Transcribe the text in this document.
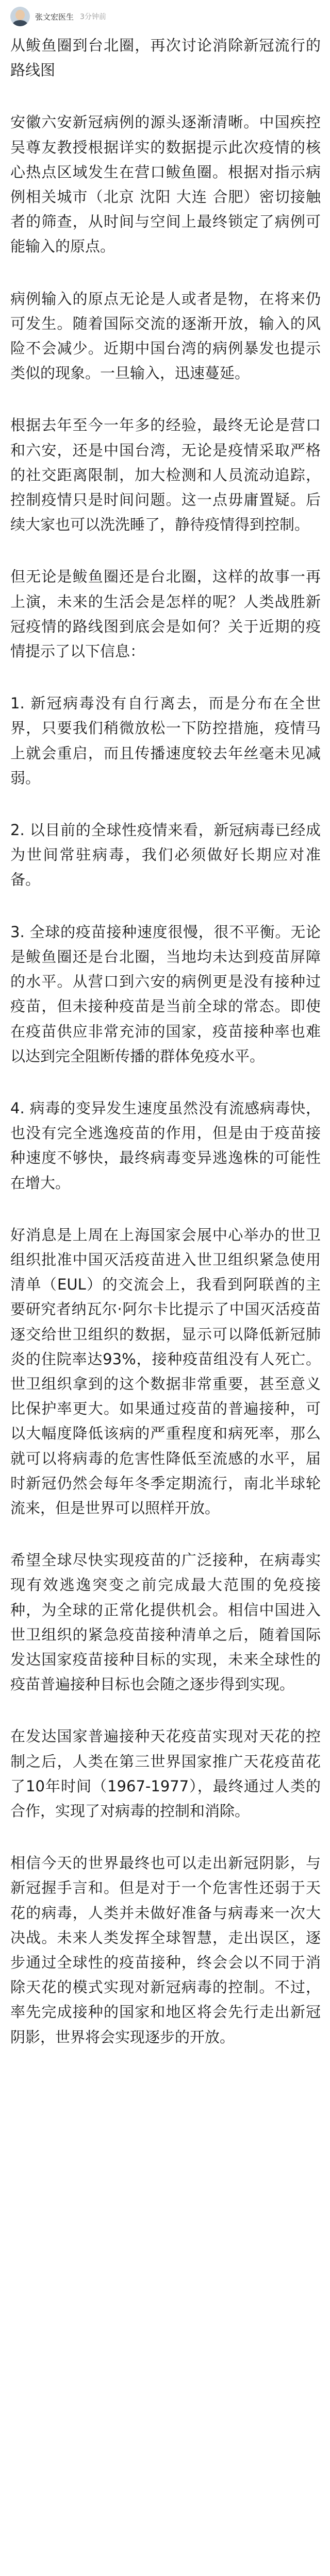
张文宏医生 3分钟前

从鲅鱼圈到台北圈，再次讨论消除新冠流行的路线图

安徽六安新冠病例的源头逐渐清晰。中国疾控吴尊友教授根据详实的数据提示此次疫情的核心热点区域发生在营口鲅鱼圈。根据对指示病例相关城市（北京 沈阳 大连 合肥）密切接触者的筛查，从时间与空间上最终锁定了病例可能输入的原点。

病例输入的原点无论是人或者是物，在将来仍可发生。随着国际交流的逐渐开放，输入的风险不会减少。近期中国台湾的病例暴发也提示类似的现象。一旦输入，迅速蔓延。

根据去年至今一年多的经验，最终无论是营口和六安，还是中国台湾，无论是疫情采取严格的社交距离限制，加大检测和人员流动追踪，控制疫情只是时间问题。这一点毋庸置疑。后续大家也可以洗洗睡了，静待疫情得到控制。

但无论是鲅鱼圈还是台北圈，这样的故事一再上演，未来的生活会是怎样的呢？人类战胜新冠疫情的路线图到底会是如何？关于近期的疫情提示了以下信息：

1. 新冠病毒没有自行离去，而是分布在全世界，只要我们稍微放松一下防控措施，疫情马上就会重启，而且传播速度较去年丝毫未见减弱。

2. 以目前的全球性疫情来看，新冠病毒已经成为世间常驻病毒，我们必须做好长期应对准备。

3. 全球的疫苗接种速度很慢，很不平衡。无论是鲅鱼圈还是台北圈，当地均未达到疫苗屏障的水平。从营口到六安的病例更是没有接种过疫苗，但未接种疫苗是当前全球的常态。即使在疫苗供应非常充沛的国家，疫苗接种率也难以达到完全阻断传播的群体免疫水平。

4. 病毒的变异发生速度虽然没有流感病毒快，也没有完全逃逸疫苗的作用，但是由于疫苗接种速度不够快，最终病毒变异逃逸株的可能性在增大。

好消息是上周在上海国家会展中心举办的世卫组织批准中国灭活疫苗进入世卫组织紧急使用清单（EUL）的交流会上，我看到阿联酋的主要研究者纳瓦尔·阿尔卡比提示了中国灭活疫苗逐交给世卫组织的数据，显示可以降低新冠肺炎的住院率达93%，接种疫苗组没有人死亡。世卫组织拿到的这个数据非常重要，甚至意义比保护率更大。如果通过疫苗的普遍接种，可以大幅度降低该病的严重程度和病死率，那么就可以将病毒的危害性降低至流感的水平，届时新冠仍然会每年冬季定期流行，南北半球轮流来，但是世界可以照样开放。

希望全球尽快实现疫苗的广泛接种，在病毒实现有效逃逸突变之前完成最大范围的免疫接种，为全球的正常化提供机会。相信中国进入世卫组织的紧急疫苗接种清单之后，随着国际发达国家疫苗接种目标的实现，未来全球性的疫苗普遍接种目标也会随之逐步得到实现。

在发达国家普遍接种天花疫苗实现对天花的控制之后，人类在第三世界国家推广天花疫苗花了10年时间（1967-1977），最终通过人类的合作，实现了对病毒的控制和消除。

相信今天的世界最终也可以走出新冠阴影，与新冠握手言和。但是对于一个危害性还弱于天花的病毒，人类并未做好准备与病毒来一次大决战。未来人类发挥全球智慧，走出误区，逐步通过全球性的疫苗接种，终会会以不同于消除天花的模式实现对新冠病毒的控制。不过，率先完成接种的国家和地区将会先行走出新冠阴影，世界将会实现逐步的开放。
